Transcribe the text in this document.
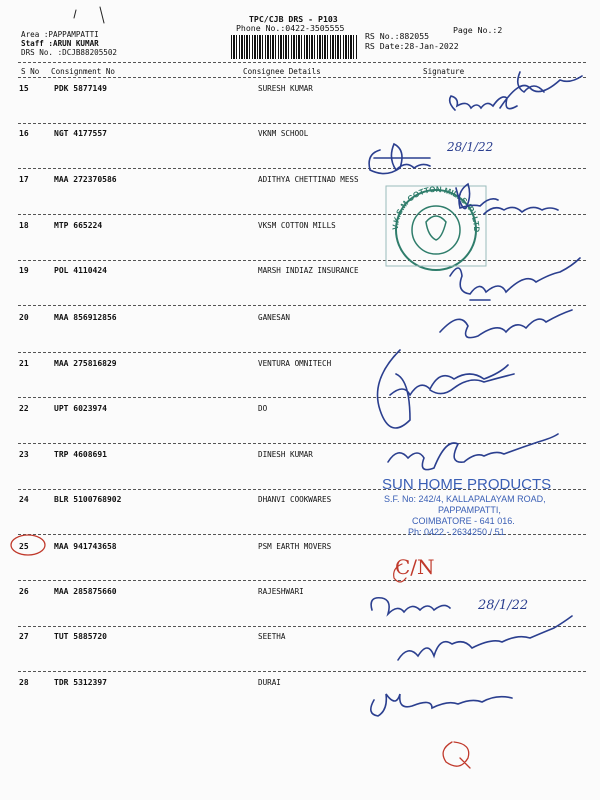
TPC/CJB DRS - P103
Phone No.:0422-3505555	Page No.:2
Area :PAPPAMPATTI
Staff :ARUN KUMAR
DRS No. :DCJB88205502
RS No.:882055
RS Date:28-Jan-2022
S No Consignment No	Consignee Details	Signature
15	PDK 5877149	SURESH KUMAR
16	NGT 4177557	VKNM SCHOOL
17	MAA 272370586	ADITHYA CHETTINAD MESS
18	MTP 665224	VKSM COTTON MILLS
19	POL 4110424	MARSH INDIAZ INSURANCE
20	MAA 856912856	GANESAN
21	MAA 275816829	VENTURA OMNITECH
22	UPT 6023974	DO
23	TRP 4608691	DINESH KUMAR
24	BLR 5100768902	DHANVI COOKWARES
25	MAA 941743658	PSM EARTH MOVERS
26	MAA 285875660	RAJESHWARI
27	TUT 5885720	SEETHA
28	TDR 5312397	DURAI
V.K.S.M COTTON MILLS (P) LTD
SUN HOME PRODUCTS
S.F. No: 242/4, KALLAPALAYAM ROAD,
PAPPAMPATTI,
COIMBATORE - 641 016.
Ph: 0422 - 2634250 / 51
C/N
28/1/22
28/1/22
